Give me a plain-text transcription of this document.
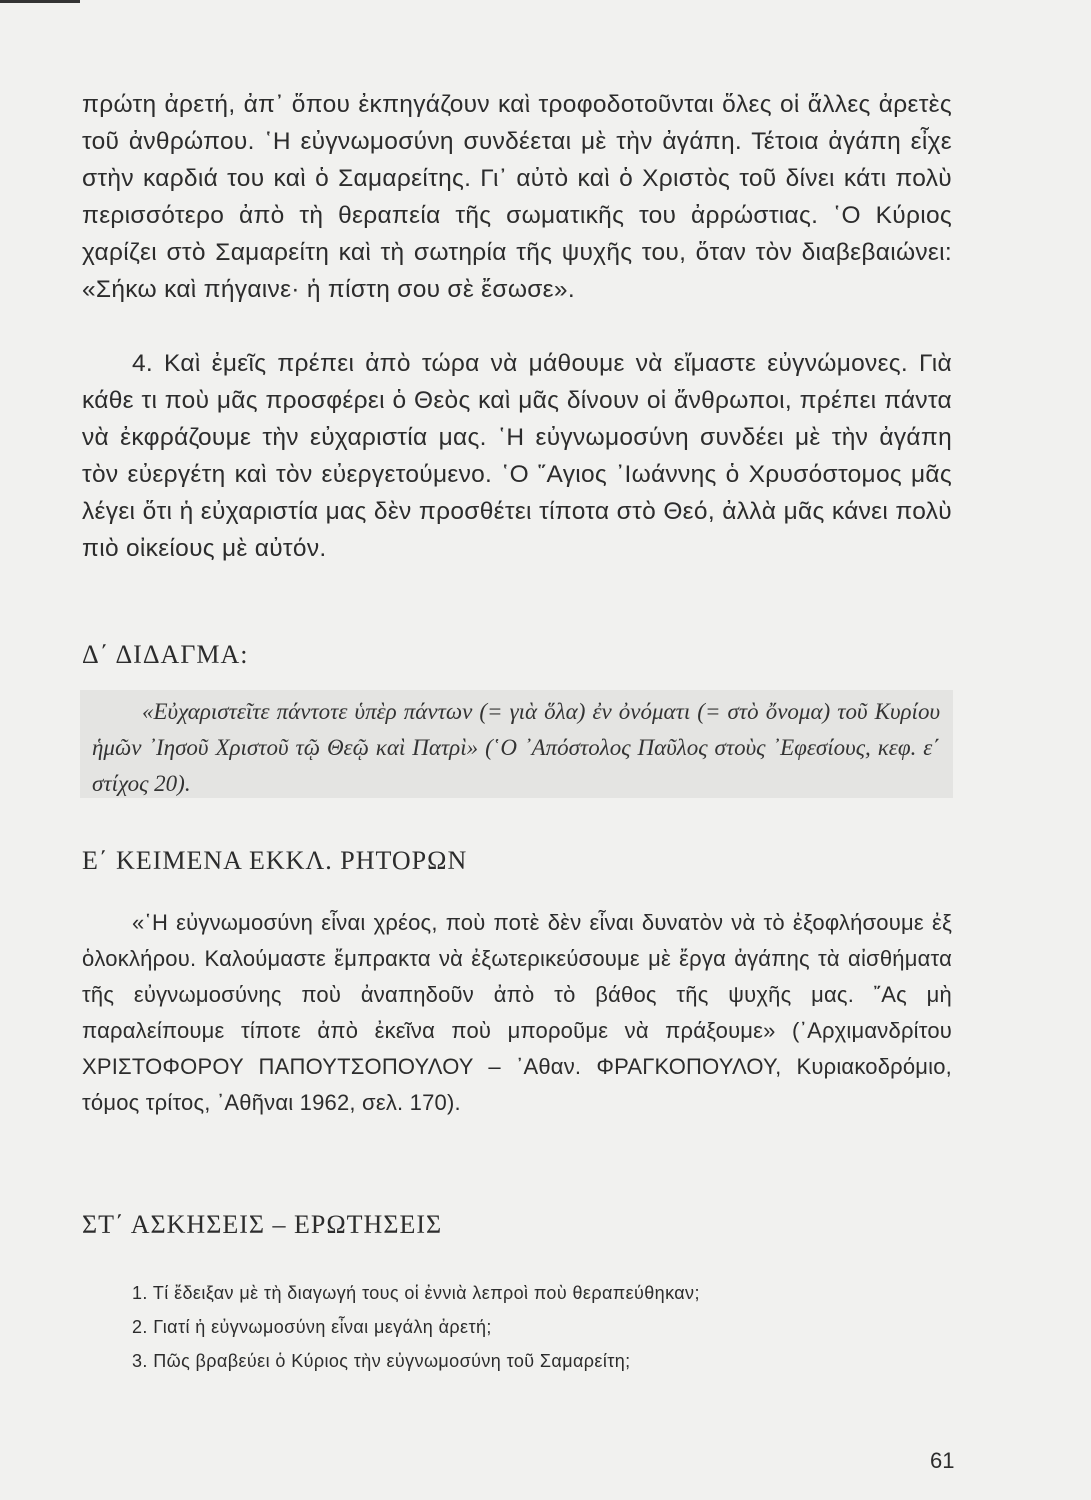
πρώτη ἀρετή, ἀπ᾿ ὅπου ἐκπηγάζουν καὶ τροφοδοτοῦνται ὅλες οἱ ἄλλες ἀρετὲς τοῦ ἀνθρώπου. ῾Η εὐγνωμοσύνη συνδέεται μὲ τὴν ἀγάπη. Τέτοια ἀγάπη εἶχε στὴν καρδιά του καὶ ὁ Σαμαρείτης. Γι᾿ αὐτὸ καὶ ὁ Χριστὸς τοῦ δίνει κάτι πολὺ περισσότερο ἀπὸ τὴ θεραπεία τῆς σωματικῆς του ἀρρώστιας. ῾Ο Κύριος χαρίζει στὸ Σαμαρείτη καὶ τὴ σωτηρία τῆς ψυχῆς του, ὅταν τὸν διαβεβαιώνει: «Σήκω καὶ πήγαινε· ἡ πίστη σου σὲ ἔσωσε».

4. Καὶ ἐμεῖς πρέπει ἀπὸ τώρα νὰ μάθουμε νὰ εἴμαστε εὐγνώμονες. Γιὰ κάθε τι ποὺ μᾶς προσφέρει ὁ Θεὸς καὶ μᾶς δίνουν οἱ ἄνθρωποι, πρέπει πάντα νὰ ἐκφράζουμε τὴν εὐχαριστία μας. ῾Η εὐγνωμοσύνη συνδέει μὲ τὴν ἀγάπη τὸν εὐεργέτη καὶ τὸν εὐεργετούμενο. ῾Ο ῞Αγιος ᾿Ιωάννης ὁ Χρυσόστομος μᾶς λέγει ὅτι ἡ εὐχαριστία μας δὲν προσθέτει τίποτα στὸ Θεό, ἀλλὰ μᾶς κάνει πολὺ πιὸ οἰκείους μὲ αὐτόν.

Δ΄ ΔΙΔΑΓΜΑ:

«Εὐχαριστεῖτε πάντοτε ὑπὲρ πάντων (= γιὰ ὅλα) ἐν ὀνόματι (= στὸ ὄνομα) τοῦ Κυρίου ἡμῶν ᾿Ιησοῦ Χριστοῦ τῷ Θεῷ καὶ Πατρὶ» (῾Ο ᾿Απόστολος Παῦλος στοὺς ᾿Εφεσίους, κεφ. ε΄ στίχος 20).

Ε΄ ΚΕΙΜΕΝΑ ΕΚΚΛ. ΡΗΤΟΡΩΝ

«῾Η εὐγνωμοσύνη εἶναι χρέος, ποὺ ποτὲ δὲν εἶναι δυνατὸν νὰ τὸ ἐξοφλήσουμε ἐξ ὁλοκλήρου. Καλούμαστε ἔμπρακτα νὰ ἐξωτερικεύσουμε μὲ ἔργα ἀγάπης τὰ αἰσθήματα τῆς εὐγνωμοσύνης ποὺ ἀναπηδοῦν ἀπὸ τὸ βάθος τῆς ψυχῆς μας. ῎Ας μὴ παραλείπουμε τίποτε ἀπὸ ἐκεῖνα ποὺ μποροῦμε νὰ πράξουμε» (᾿Αρχιμανδρίτου ΧΡΙΣΤΟΦΟΡΟΥ ΠΑΠΟΥΤΣΟΠΟΥΛΟΥ – ᾿Αθαν. ΦΡΑΓΚΟΠΟΥΛΟΥ, Κυριακοδρόμιο, τόμος τρίτος, ᾿Αθῆναι 1962, σελ. 170).

ΣΤ΄ ΑΣΚΗΣΕΙΣ – ΕΡΩΤΗΣΕΙΣ
1. Τί ἔδειξαν μὲ τὴ διαγωγή τους οἱ ἐννιὰ λεπροὶ ποὺ θεραπεύθηκαν;
2. Γιατί ἡ εὐγνωμοσύνη εἶναι μεγάλη ἀρετή;
3. Πῶς βραβεύει ὁ Κύριος τὴν εὐγνωμοσύνη τοῦ Σαμαρείτη;
61
